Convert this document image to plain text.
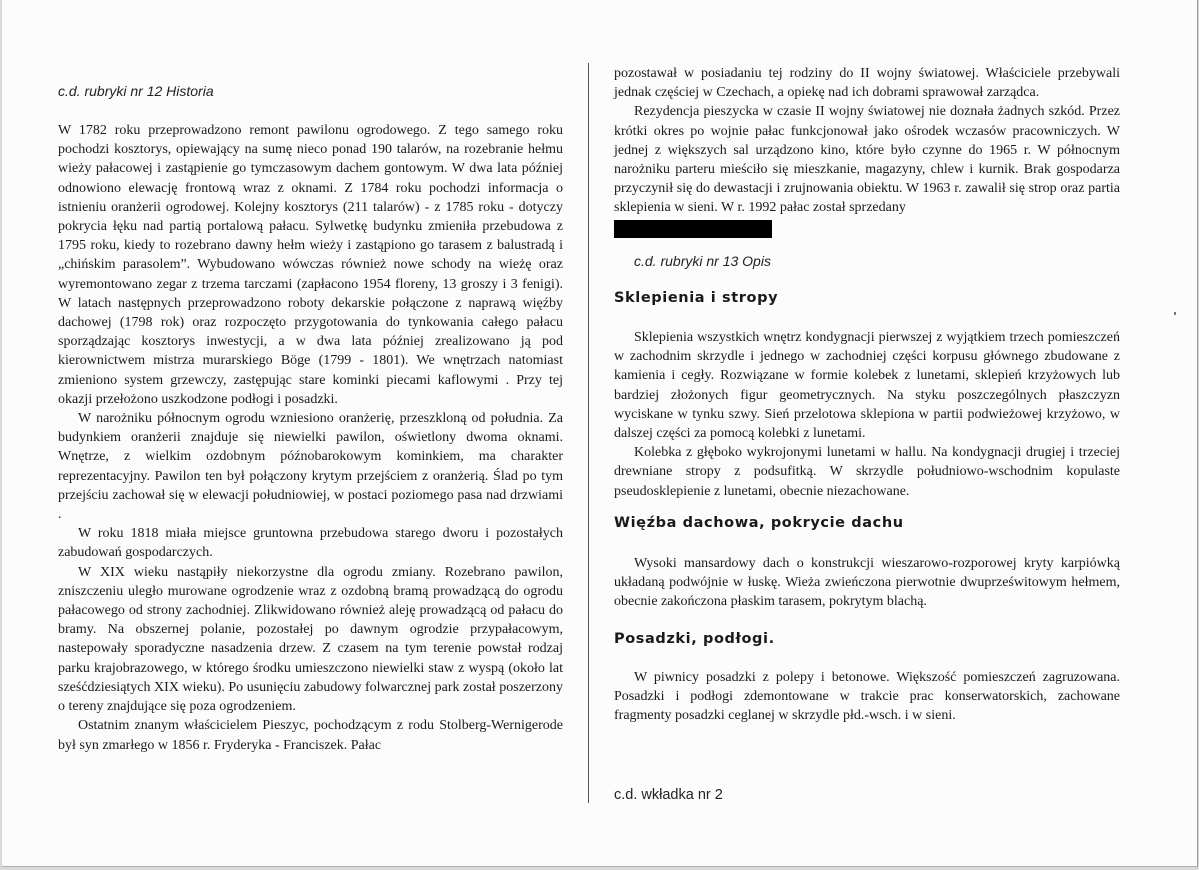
c.d. rubryki nr 12 Historia

W 1782 roku przeprowadzono remont pawilonu ogrodowego. Z tego samego roku pochodzi kosztorys, opiewający na sumę nieco ponad 190 talarów, na rozebranie hełmu wieży pałacowej i zastąpienie go tymczasowym dachem gontowym. W dwa lata później odnowiono elewację frontową wraz z oknami. Z 1784 roku pochodzi informacja o istnieniu oranżerii ogrodowej. Kolejny kosztorys (211 talarów) - z 1785 roku - dotyczy pokrycia łęku nad partią portalową pałacu. Sylwetkę budynku zmieniła przebudowa z 1795 roku, kiedy to rozebrano dawny hełm wieży i zastąpiono go tarasem z balustradą i „chińskim parasolem”. Wybudowano wówczas również nowe schody na wieżę oraz wyremontowano zegar z trzema tarczami (zapłacono 1954 floreny, 13 groszy i 3 fenigi). W latach następnych przeprowadzono roboty dekarskie połączone z naprawą więźby dachowej (1798 rok) oraz rozpoczęto przygotowania do tynkowania całego pałacu sporządzając kosztorys inwestycji, a w dwa lata później zrealizowano ją pod kierownictwem mistrza murarskiego Böge (1799 - 1801). We wnętrzach natomiast zmieniono system grzewczy, zastępując stare kominki piecami kaflowymi . Przy tej okazji przełożono uszkodzone podłogi i posadzki.

W narożniku północnym ogrodu wzniesiono oranżerię, przeszkloną od południa. Za budynkiem oranżerii znajduje się niewielki pawilon, oświetlony dwoma oknami. Wnętrze, z wielkim ozdobnym późnobarokowym kominkiem, ma charakter reprezentacyjny. Pawilon ten był połączony krytym przejściem z oranżerią. Ślad po tym przejściu zachował się w elewacji południowiej, w postaci poziomego pasa nad drzwiami .

W roku 1818 miała miejsce gruntowna przebudowa starego dworu i pozostałych zabudowań gospodarczych.

W XIX wieku nastąpiły niekorzystne dla ogrodu zmiany. Rozebrano pawilon, zniszczeniu uległo murowane ogrodzenie wraz z ozdobną bramą prowadzącą do ogrodu pałacowego od strony zachodniej. Zlikwidowano również aleję prowadzącą od pałacu do bramy. Na obszernej polanie, pozostałej po dawnym ogrodzie przypałacowym, nastepowały sporadyczne nasadzenia drzew. Z czasem na tym terenie powstał rodzaj parku krajobrazowego, w którego środku umieszczono niewielki staw z wyspą (około lat sześćdziesiątych XIX wieku). Po usunięciu zabudowy folwarcznej park został poszerzony o tereny znajdujące się poza ogrodzeniem.

Ostatnim znanym właścicielem Pieszyc, pochodzącym z rodu Stolberg-Wernigerode był syn zmarłego w 1856 r. Fryderyka - Franciszek. Pałac

pozostawał w posiadaniu tej rodziny do II wojny światowej. Właściciele przebywali jednak częściej w Czechach, a opiekę nad ich dobrami sprawował zarządca.

Rezydencja pieszycka w czasie II wojny światowej nie doznała żadnych szkód. Przez krótki okres po wojnie pałac funkcjonował jako ośrodek wczasów pracowniczych. W jednej z większych sal urządzono kino, które było czynne do 1965 r. W północnym narożniku parteru mieściło się mieszkanie, magazyny, chlew i kurnik. Brak gospodarza przyczynił się do dewastacji i zrujnowania obiektu. W 1963 r. zawalił się strop oraz partia sklepienia w sieni. W r. 1992 pałac został sprzedany

c.d. rubryki nr 13 Opis

Sklepienia i stropy

Sklepienia wszystkich wnętrz kondygnacji pierwszej z wyjątkiem trzech pomieszczeń w zachodnim skrzydle i jednego w zachodniej części korpusu głównego zbudowane z kamienia i cegły. Rozwiązane w formie kolebek z lunetami, sklepień krzyżowych lub bardziej złożonych figur geometrycznych. Na styku poszczególnych płaszczyzn wyciskane w tynku szwy. Sień przelotowa sklepiona w partii podwieżowej krzyżowo, w dalszej części za pomocą kolebki z lunetami.

Kolebka z głęboko wykrojonymi lunetami w hallu. Na kondygnacji drugiej i trzeciej drewniane stropy z podsufitką. W skrzydle południowo-wschodnim kopulaste pseudosklepienie z lunetami, obecnie niezachowane.

Więźba dachowa, pokrycie dachu

Wysoki mansardowy dach o konstrukcji wieszarowo-rozporowej kryty karpiówką układaną podwójnie w łuskę. Wieża zwieńczona pierwotnie dwuprześwitowym hełmem, obecnie zakończona płaskim tarasem, pokrytym blachą.

Posadzki, podłogi.

W piwnicy posadzki z polepy i betonowe. Większość pomieszczeń zagruzowana. Posadzki i podłogi zdemontowane w trakcie prac konserwatorskich, zachowane fragmenty posadzki ceglanej w skrzydle płd.-wsch. i w sieni.

c.d. wkładka nr 2
